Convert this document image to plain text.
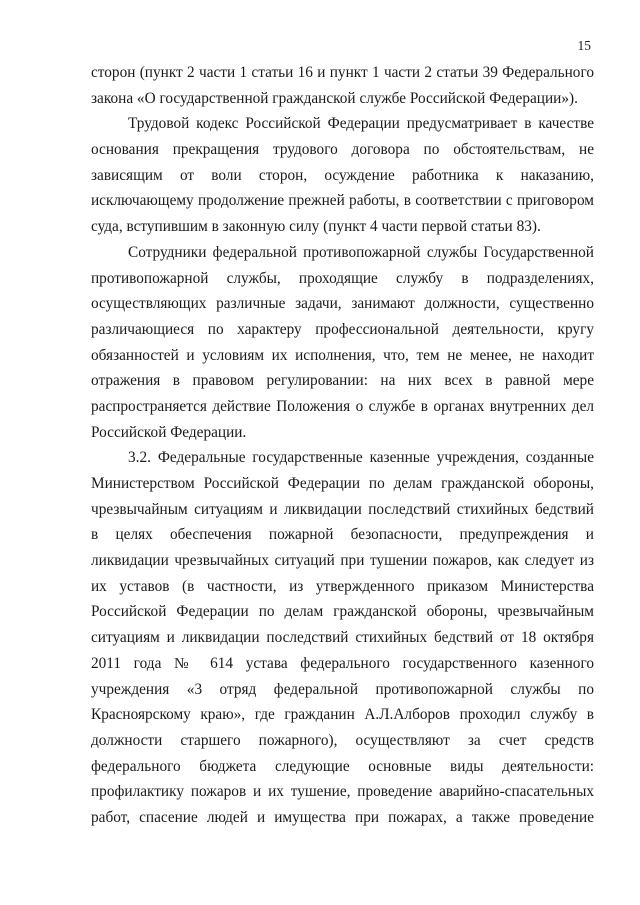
15
сторон (пункт 2 части 1 статьи 16 и пункт 1 части 2 статьи 39 Федерального
закона «О государственной гражданской службе Российской Федерации»).
Трудовой кодекс Российской Федерации предусматривает в качестве
основания прекращения трудового договора по обстоятельствам, не
зависящим от воли сторон, осуждение работника к наказанию,
исключающему продолжение прежней работы, в соответствии с приговором
суда, вступившим в законную силу (пункт 4 части первой статьи 83).
Сотрудники федеральной противопожарной службы Государственной
противопожарной службы, проходящие службу в подразделениях,
осуществляющих различные задачи, занимают должности, существенно
различающиеся по характеру профессиональной деятельности, кругу
обязанностей и условиям их исполнения, что, тем не менее, не находит
отражения в правовом регулировании: на них всех в равной мере
распространяется действие Положения о службе в органах внутренних дел
Российской Федерации.
3.2. Федеральные государственные казенные учреждения, созданные
Министерством Российской Федерации по делам гражданской обороны,
чрезвычайным ситуациям и ликвидации последствий стихийных бедствий
в целях обеспечения пожарной безопасности, предупреждения и
ликвидации чрезвычайных ситуаций при тушении пожаров, как следует из
их уставов (в частности, из утвержденного приказом Министерства
Российской Федерации по делам гражданской обороны, чрезвычайным
ситуациям и ликвидации последствий стихийных бедствий от 18 октября
2011 года № 614 устава федерального государственного казенного
учреждения «3 отряд федеральной противопожарной службы по
Красноярскому краю», где гражданин А.Л.Алборов проходил службу в
должности старшего пожарного), осуществляют за счет средств
федерального бюджета следующие основные виды деятельности:
профилактику пожаров и их тушение, проведение аварийно-спасательных
работ, спасение людей и имущества при пожарах, а также проведение
